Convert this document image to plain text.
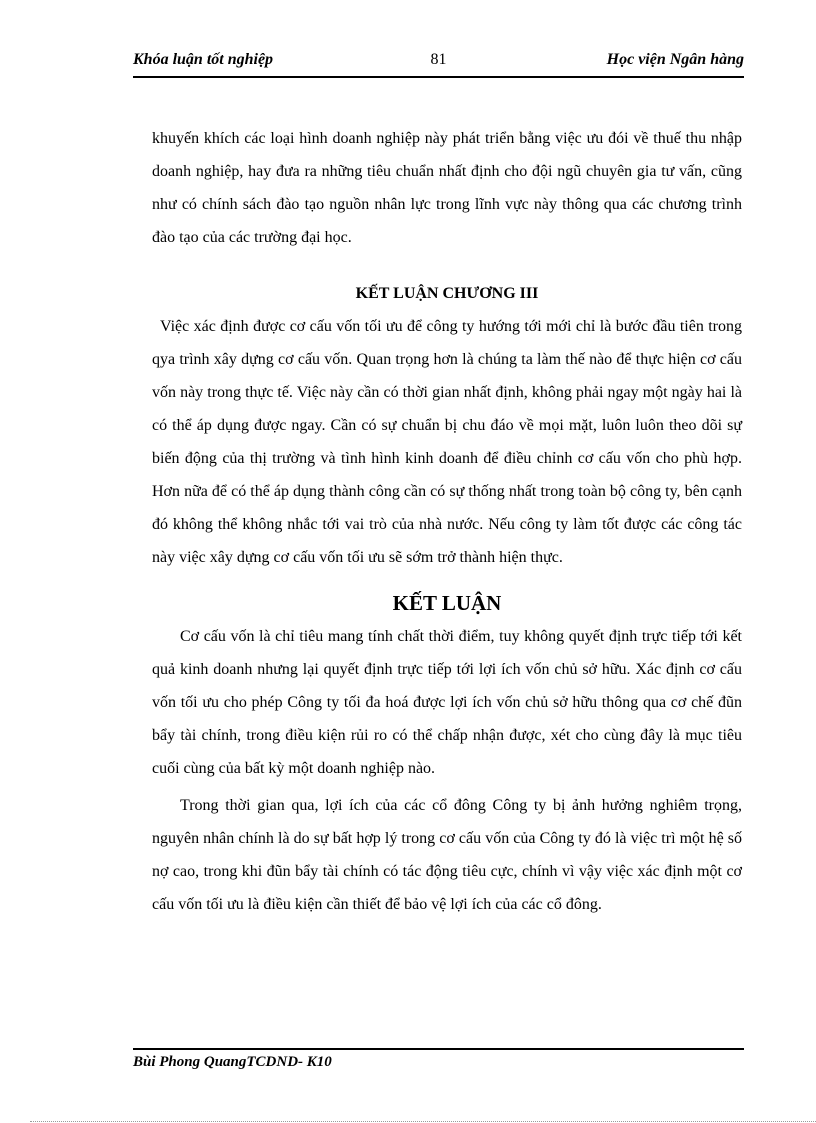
Khóa luận tốt nghiệp	81	Học viện Ngân hàng

khuyến khích các loại hình doanh nghiệp này phát triển bằng việc ưu đói về thuế thu nhập doanh nghiệp, hay đưa ra những tiêu chuẩn nhất định cho đội ngũ chuyên gia tư vấn, cũng như có chính sách đào tạo nguồn nhân lực trong lĩnh vực này thông qua các chương trình đào tạo của các trường đại học.

KẾT LUẬN CHƯƠNG III

Việc xác định được cơ cấu vốn tối ưu để công ty hướng tới mới chỉ là bước đầu tiên trong qya trình xây dựng cơ cấu vốn. Quan trọng hơn là chúng ta làm thế nào để thực hiện cơ cấu vốn này trong thực tế. Việc này cần có thời gian nhất định, không phải ngay một ngày hai là có thể áp dụng được ngay. Cần có sự chuẩn bị chu đáo về mọi mặt, luôn luôn theo dõi sự biến động của thị trường và tình hình kinh doanh để điều chỉnh cơ cấu vốn cho phù hợp. Hơn nữa để có thể áp dụng thành công cần có sự thống nhất trong toàn bộ công ty, bên cạnh đó không thể không nhắc tới vai trò của nhà nước. Nếu công ty làm tốt được các công tác này việc xây dựng cơ cấu vốn tối ưu sẽ sớm trở thành hiện thực.

KẾT LUẬN

Cơ cấu vốn là chỉ tiêu mang tính chất thời điểm, tuy không quyết định trực tiếp tới kết quả kinh doanh nhưng lại quyết định trực tiếp tới lợi ích vốn chủ sở hữu. Xác định cơ cấu vốn tối ưu cho phép Công ty tối đa hoá được lợi ích vốn chủ sở hữu thông qua cơ chế đũn bẩy tài chính, trong điều kiện rủi ro có thể chấp nhận được, xét cho cùng đây là mục tiêu cuối cùng của bất kỳ một doanh nghiệp nào.

Trong thời gian qua, lợi ích của các cổ đông Công ty bị ảnh hưởng nghiêm trọng, nguyên nhân chính là do sự bất hợp lý trong cơ cấu vốn của Công ty đó là việc trì một hệ số nợ cao, trong khi đũn bẩy tài chính có tác động tiêu cực, chính vì vậy việc xác định một cơ cấu vốn tối ưu là điều kiện cần thiết để bảo vệ lợi ích của các cổ đông.

Bùi Phong QuangTCDND- K10
